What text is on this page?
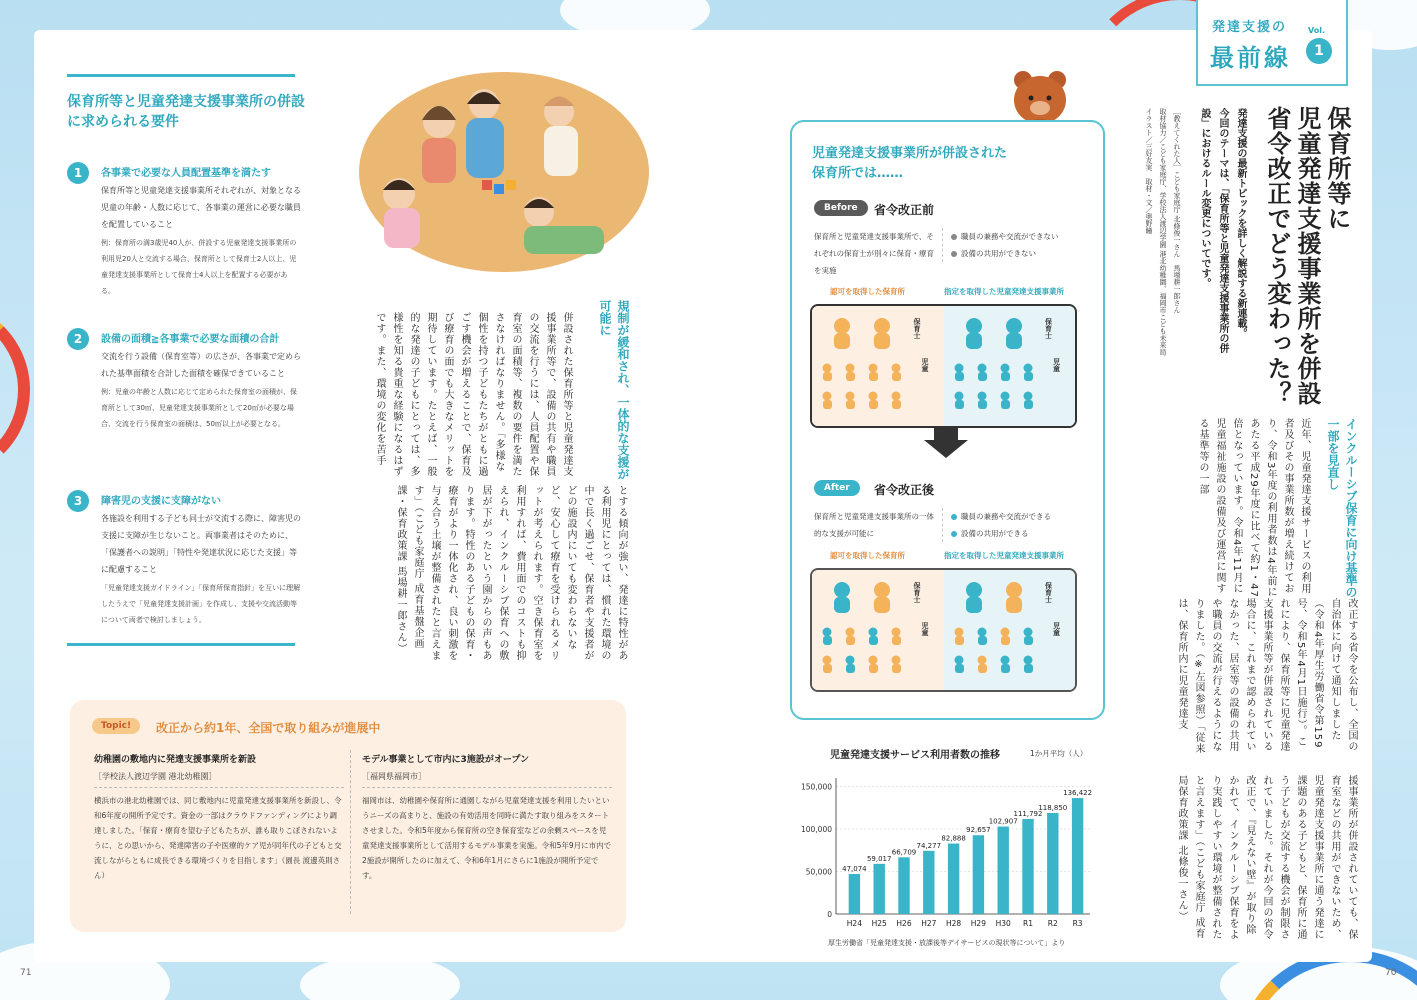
保育所等と児童発達支援事業所の併設に求められる要件
1	各事業で必要な人員配置基準を満たす
保育所等と児童発達支援事業所それぞれが、対象となる児童の年齢・人数に応じて、各事業の運営に必要な職員を配置していること
例：保育所の満3歳児40人が、併設する児童発達支援事業所の利用児20人と交流する場合、保育所として保育士2人以上、児童発達支援事業所として保育士4人以上を配置する必要がある。
2	設備の面積≧各事業で必要な面積の合計
交流を行う設備（保育室等）の広さが、各事業で定められた基準面積を合計した面積を確保できていること
例：児童の年齢と人数に応じて定められた保育室の面積が、保育所として30㎡、児童発達支援事業所として20㎡が必要な場合、交流を行う保育室の面積は、50㎡以上が必要となる。
3	障害児の支援に支障がない
各施設を利用する子ども同士が交流する際に、障害児の支援に支障が生じないこと。両事業者はそのために、「保護者への説明」「特性や発達状況に応じた支援」等に配慮すること
「児童発達支援ガイドライン」「保育所保育指針」を互いに理解したうえで「児童発達支援計画」を作成し、支援や交流活動等について両者で検討しましょう。
規制が緩和され、一体的な支援が可能に
併設された保育所等と児童発達支援事業所等で、設備の共有や職員の交流を行うには、人員配置や保育室の面積等、複数の要件を満たさなければなりません。「多様な個性を持つ子どもたちがともに過ごす機会が増えることで、保育及び療育の面でも大きなメリットを期待しています。たとえば、一般的な発達の子どもにとっては、多様性を知る貴重な経験になるはずです。また、環境の変化を苦手
とする傾向が強い、発達に特性がある利用児にとっては、慣れた環境の中で長く過ごせ、保育者や支援者がどの施設内にいても変わらないなど、安心して療育を受けられるメリットが考えられます。空き保育室を利用すれば、費用面でのコストも抑えられ、インクルーシブ保育への敷居が下がったという園からの声もあります。特性のある子どもの保育・療育がより一体化され、良い刺激を与え合う土壌が整備されたと言えます」（こども家庭庁 成育基盤企画課・保育政策課 馬場耕一郎さん）
Topic!	改正から約1年、全国で取り組みが進展中
幼稚園の敷地内に発達支援事業所を新設
［学校法人渡辺学園 港北幼稚園］

横浜市の港北幼稚園では、同じ敷地内に児童発達支援事業所を新設し、令和6年度の開所予定です。資金の一部はクラウドファンディングにより調達しました。「保育・療育を望む子どもたちが、誰も取りこぼされないように、との思いから、発達障害の子や医療的ケア児が同年代の子どもと交流しながらともに成長できる環境づくりを目指します」（園長 渡邊英則さん）

モデル事業として市内に3施設がオープン
［福岡県福岡市］

福岡市は、幼稚園や保育所に通園しながら児童発達支援を利用したいというニーズの高まりと、施設の有効活用を同時に満たす取り組みをスタートさせました。令和5年度から保育所の空き保育室などの余剰スペースを児童発達支援事業所として活用するモデル事業を実施。令和5年9月に市内で2施設が開所したのに加えて、令和6年1月にさらに1施設が開所予定です。

71
発達支援の
最前線
Vol.
1
保育所等に
児童発達支援事業所を併設
省令改正でどう変わった？
発達支援の最新トピックを詳しく解説する新連載。
今回のテーマは、「保育所等と児童発達支援事業所の併
設」におけるルール変更についてです。
［教えてくれた人］こども家庭庁 北條俊一さん　馬場耕一郎さん
取材協力／こども家庭庁、学校法人渡辺学園 港北幼稚園、福岡市こども未来局
イラスト／三好友実　取材・文／奥野瞳
インクルーシブ保育に向け基準の一部を見直し
近年、児童発達支援サービスの利用者及びその事業所数が増え続けており、令和3年度の利用者数は4年前にあたる平成29年度に比べて約1・47倍となっています。令和4年11月に児童福祉施設の設備及び運営に関する基準等の一部
改正する省令を公布し、全国の自治体に向けて通知しました（令和4年厚生労働省令第159号、令和5年4月1日施行）。これにより、保育所等に児童発達支援事業所等が併設されている場合に、これまで認められていなかった、居室等の設備の共用や職員の交流が行えるようになりました。（※左図参照）「従来は、保育所内に児童発達支
援事業所が併設されていても、保育室などの共用ができないため、児童発達支援事業所に通う発達に課題のある子どもと、保育所に通う子どもが交流する機会が制限されていました。それが今回の省令改正で、『見えない壁』が取り除かれて、インクルーシブ保育をより実践しやすい環境が整備されたと言えます」（こども家庭庁 成育局保育政策課 北條俊一さん）
児童発達支援事業所が併設された保育所では……
Before	省令改正前
保育所と児童発達支援事業所で、それぞれの保育士が別々に保育・療育を実施
職員の兼務や交流ができない
設備の共用ができない
認可を取得した保育所	指定を取得した児童発達支援事業所
保育士
児童
保育士
児童
After	省令改正後
保育所と児童発達支援事業所の一体的な支援が可能に
職員の兼務や交流ができる
設備の共用ができる
認可を取得した保育所	指定を取得した児童発達支援事業所
保育士
児童
保育士
児童
児童発達支援サービス利用者数の推移	1か月平均（人）
0
50,000
100,000
150,000
47,074
H24
59,017
H25
66,709
H26
74,277
H27
82,888
H28
92,657
H29
102,907
H30
111,792
R1
118,850
R2
136,422
R3
厚生労働省「児童発達支援・放課後等デイサービスの現状等について」より
70
